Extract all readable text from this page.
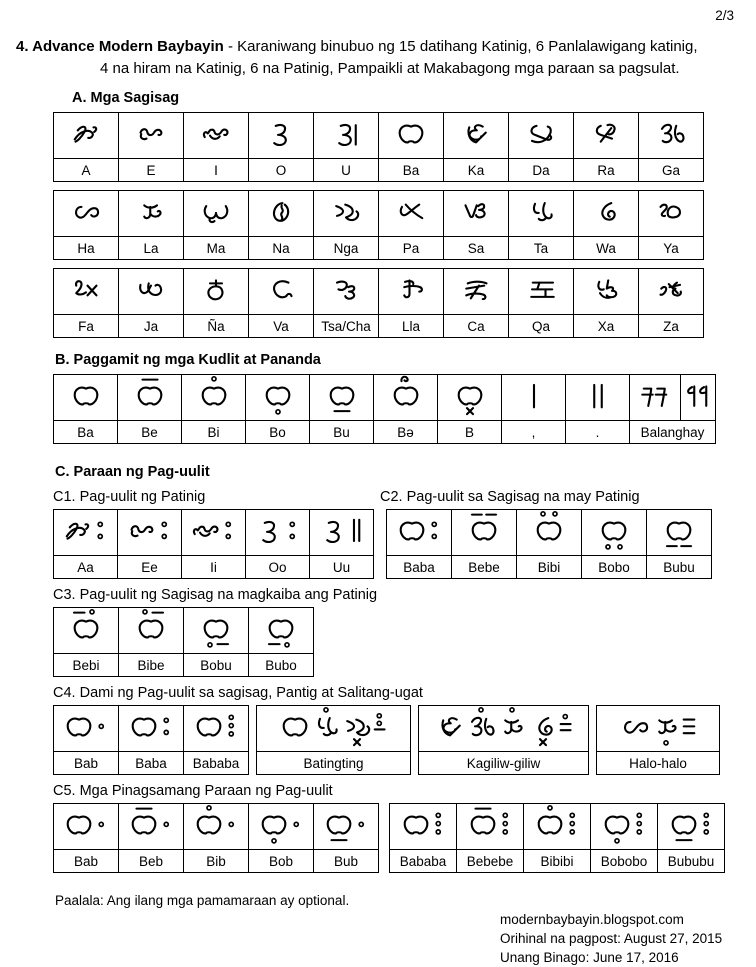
2/3
4. Advance Modern Baybayin - Karaniwang binubuo ng 15 datihang Katinig, 6 Panlalawigang katinig,
4 na hiram na Katinig, 6 na Patinig, Pampaikli at Makabagong mga paraan sa pagsulat.
A. Mga Sagisag

A	E	I	O	U	Ba	Ka	Da	Ra	Ga

Ha	La	Ma	Na	Nga	Pa	Sa	Ta	Wa	Ya

Fa	Ja	Ña	Va	Tsa/Cha	Lla	Ca	Qa	Xa	Za
B. Paggamit ng mga Kudlit at Pananda

Ba	Be	Bi	Bo	Bu	Bə	B	,	.	Balanghay	
C. Paraan ng Pag-uulit
C1. Pag-uulit ng Patinig	C2. Pag-uulit sa Sagisag na may Patinig

Aa	Ee	Ii	Oo	Uu

		Baba	Bebe	Bibi	Bobo	Bubu
C3. Pag-uulit ng Sagisag na magkaiba ang Patinig

Bebi	Bibe	Bobu	Bubo
C4. Dami ng Pag-uulit sa sagisag, Pantig at Salitang-ugat

Bab	Baba	Bababa	Batingting	Kagiliw-giliw	Halo-halo
C5. Mga Pinagsamang Paraan ng Pag-uulit

Bab	Beb	Bib	Bob	Bub

		Bababa	Bebebe	Bibibi	Bobobo	Bububu
Paalala: Ang ilang mga pamamaraan ay optional.
modernbaybayin.blogspot.com
Orihinal na pagpost: August 27, 2015
Unang Binago: June 17, 2016
